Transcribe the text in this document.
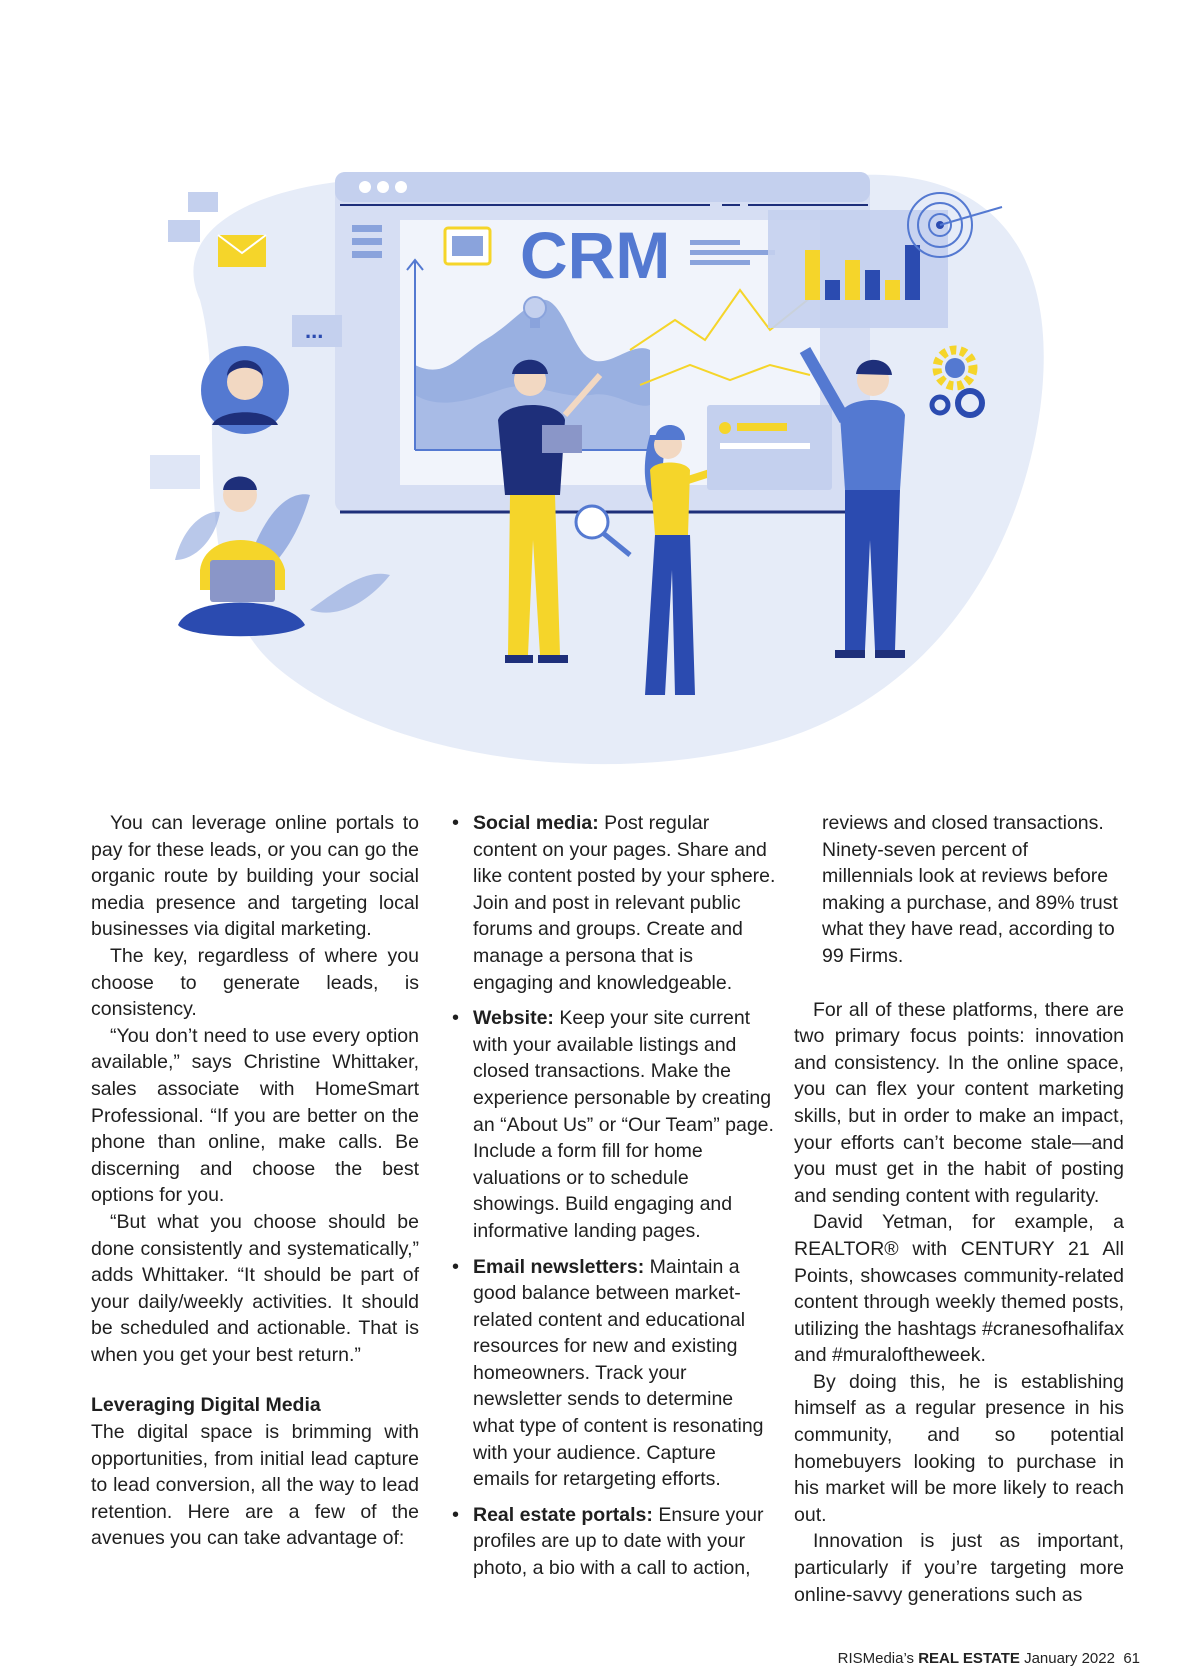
CRM
...

You can leverage online portals to pay for these leads, or you can go the organic route by building your social media presence and targeting local businesses via digital marketing.

The key, regardless of where you choose to generate leads, is consistency.

“You don’t need to use every option available,” says Christine Whittaker, sales associate with HomeSmart Professional. “If you are better on the phone than online, make calls. Be discerning and choose the best options for you.

“But what you choose should be done consistently and systematically,” adds Whittaker. “It should be part of your daily/weekly activities. It should be scheduled and actionable. That is when you get your best return.”

Leveraging Digital Media

The digital space is brimming with opportunities, from initial lead capture to lead conversion, all the way to lead retention. Here are a few of the avenues you can take advantage of:

• Social media: Post regular content on your pages. Share and like content posted by your sphere. Join and post in relevant public forums and groups. Create and manage a persona that is engaging and knowledgeable.
• Website: Keep your site current with your available listings and closed transactions. Make the experience personable by creating an “About Us” or “Our Team” page. Include a form fill for home valuations or to schedule showings. Build engaging and informative landing pages.
• Email newsletters: Maintain a good balance between market-related content and educational resources for new and existing homeowners. Track your newsletter sends to determine what type of content is resonating with your audience. Capture emails for retargeting efforts.
• Real estate portals: Ensure your profiles are up to date with your photo, a bio with a call to action,

reviews and closed transactions. Ninety-seven percent of millennials look at reviews before making a purchase, and 89% trust what they have read, according to 99 Firms.

For all of these platforms, there are two primary focus points: innovation and consistency. In the online space, you can flex your content marketing skills, but in order to make an impact, your efforts can’t become stale—and you must get in the habit of posting and sending content with regularity.

David Yetman, for example, a REALTOR® with CENTURY 21 All Points, showcases community-related content through weekly themed posts, utilizing the hashtags #cranesofhalifax and #muraloftheweek.

By doing this, he is establishing himself as a regular presence in his community, and so potential homebuyers looking to purchase in his market will be more likely to reach out.

Innovation is just as important, particularly if you’re targeting more online-savvy generations such as

RISMedia’s REAL ESTATE January 2022 61
